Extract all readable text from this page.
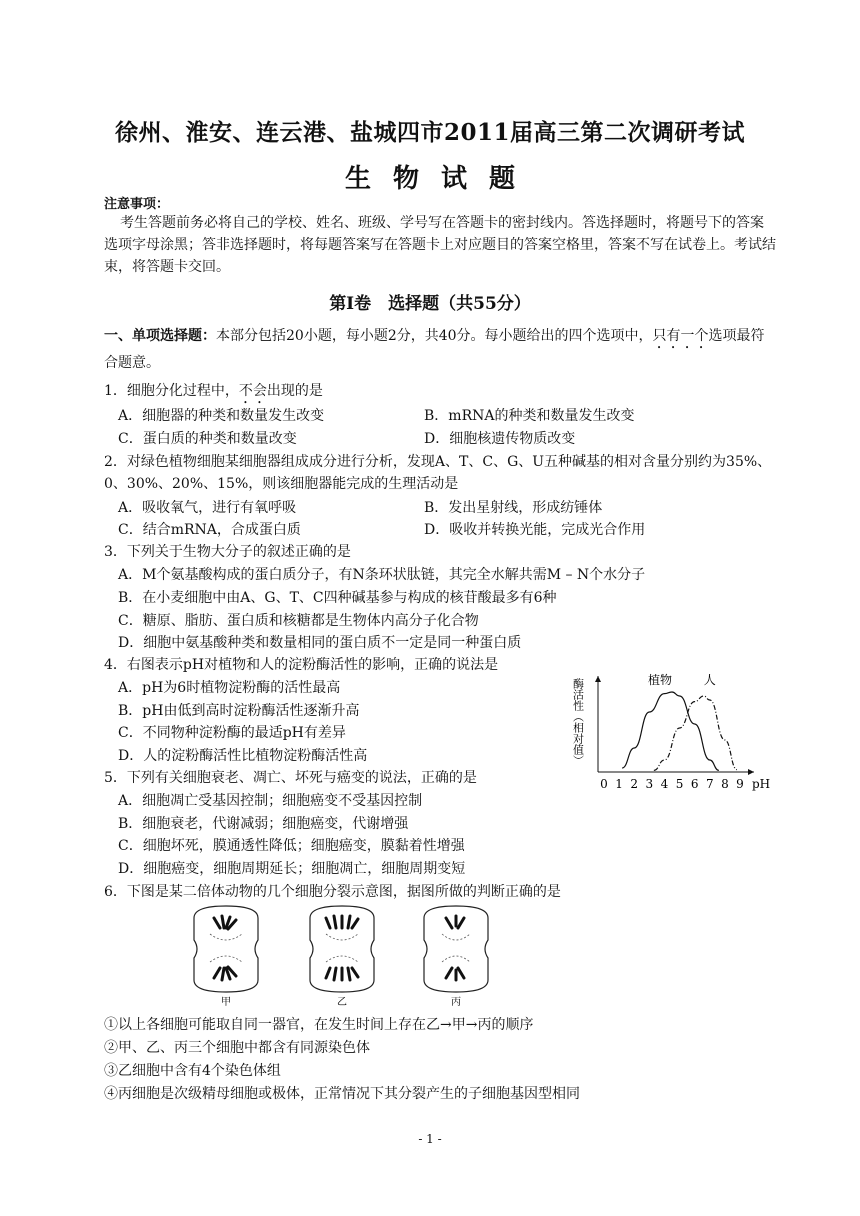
徐州、淮安、连云港、盐城四市2011届高三第二次调研考试
生物试题
注意事项：
考生答题前务必将自己的学校、姓名、班级、学号写在答题卡的密封线内。答选择题时，将题号下的答案选项字母涂黑；答非选择题时，将每题答案写在答题卡上对应题目的答案空格里，答案不写在试卷上。考试结束，将答题卡交回。
第Ⅰ卷　选择题（共55分）
一、单项选择题：本部分包括20小题，每小题2分，共40分。每小题给出的四个选项中，只有一个选项最符合题意。
1．细胞分化过程中，不会出现的是
A．细胞器的种类和数量发生改变	B．mRNA的种类和数量发生改变
C．蛋白质的种类和数量改变	D．细胞核遗传物质改变
2．对绿色植物细胞某细胞器组成成分进行分析，发现A、T、C、G、U五种碱基的相对含量分别约为35%、0、30%、20%、15%，则该细胞器能完成的生理活动是
A．吸收氧气，进行有氧呼吸	B．发出星射线，形成纺锤体
C．结合mRNA，合成蛋白质	D．吸收并转换光能，完成光合作用
3．下列关于生物大分子的叙述正确的是
A．M个氨基酸构成的蛋白质分子，有N条环状肽链，其完全水解共需M – N个水分子
B．在小麦细胞中由A、G、T、C四种碱基参与构成的核苷酸最多有6种
C．糖原、脂肪、蛋白质和核糖都是生物体内高分子化合物
D．细胞中氨基酸种类和数量相同的蛋白质不一定是同一种蛋白质
4．右图表示pH对植物和人的淀粉酶活性的影响，正确的说法是
A．pH为6时植物淀粉酶的活性最高
B．pH由低到高时淀粉酶活性逐渐升高
C．不同物种淀粉酶的最适pH有差异
D．人的淀粉酶活性比植物淀粉酶活性高
0 1 2 3 4 5 6 7 8 9 pH
酶活性（相对值）	植物	人
5．下列有关细胞衰老、凋亡、坏死与癌变的说法，正确的是
A．细胞凋亡受基因控制；细胞癌变不受基因控制
B．细胞衰老，代谢减弱；细胞癌变，代谢增强
C．细胞坏死，膜通透性降低；细胞癌变，膜黏着性增强
D．细胞癌变，细胞周期延长；细胞凋亡，细胞周期变短
6．下图是某二倍体动物的几个细胞分裂示意图，据图所做的判断正确的是
甲	乙	丙
①以上各细胞可能取自同一器官，在发生时间上存在乙→甲→丙的顺序
②甲、乙、丙三个细胞中都含有同源染色体
③乙细胞中含有4个染色体组
④丙细胞是次级精母细胞或极体，正常情况下其分裂产生的子细胞基因型相同
- 1 -
